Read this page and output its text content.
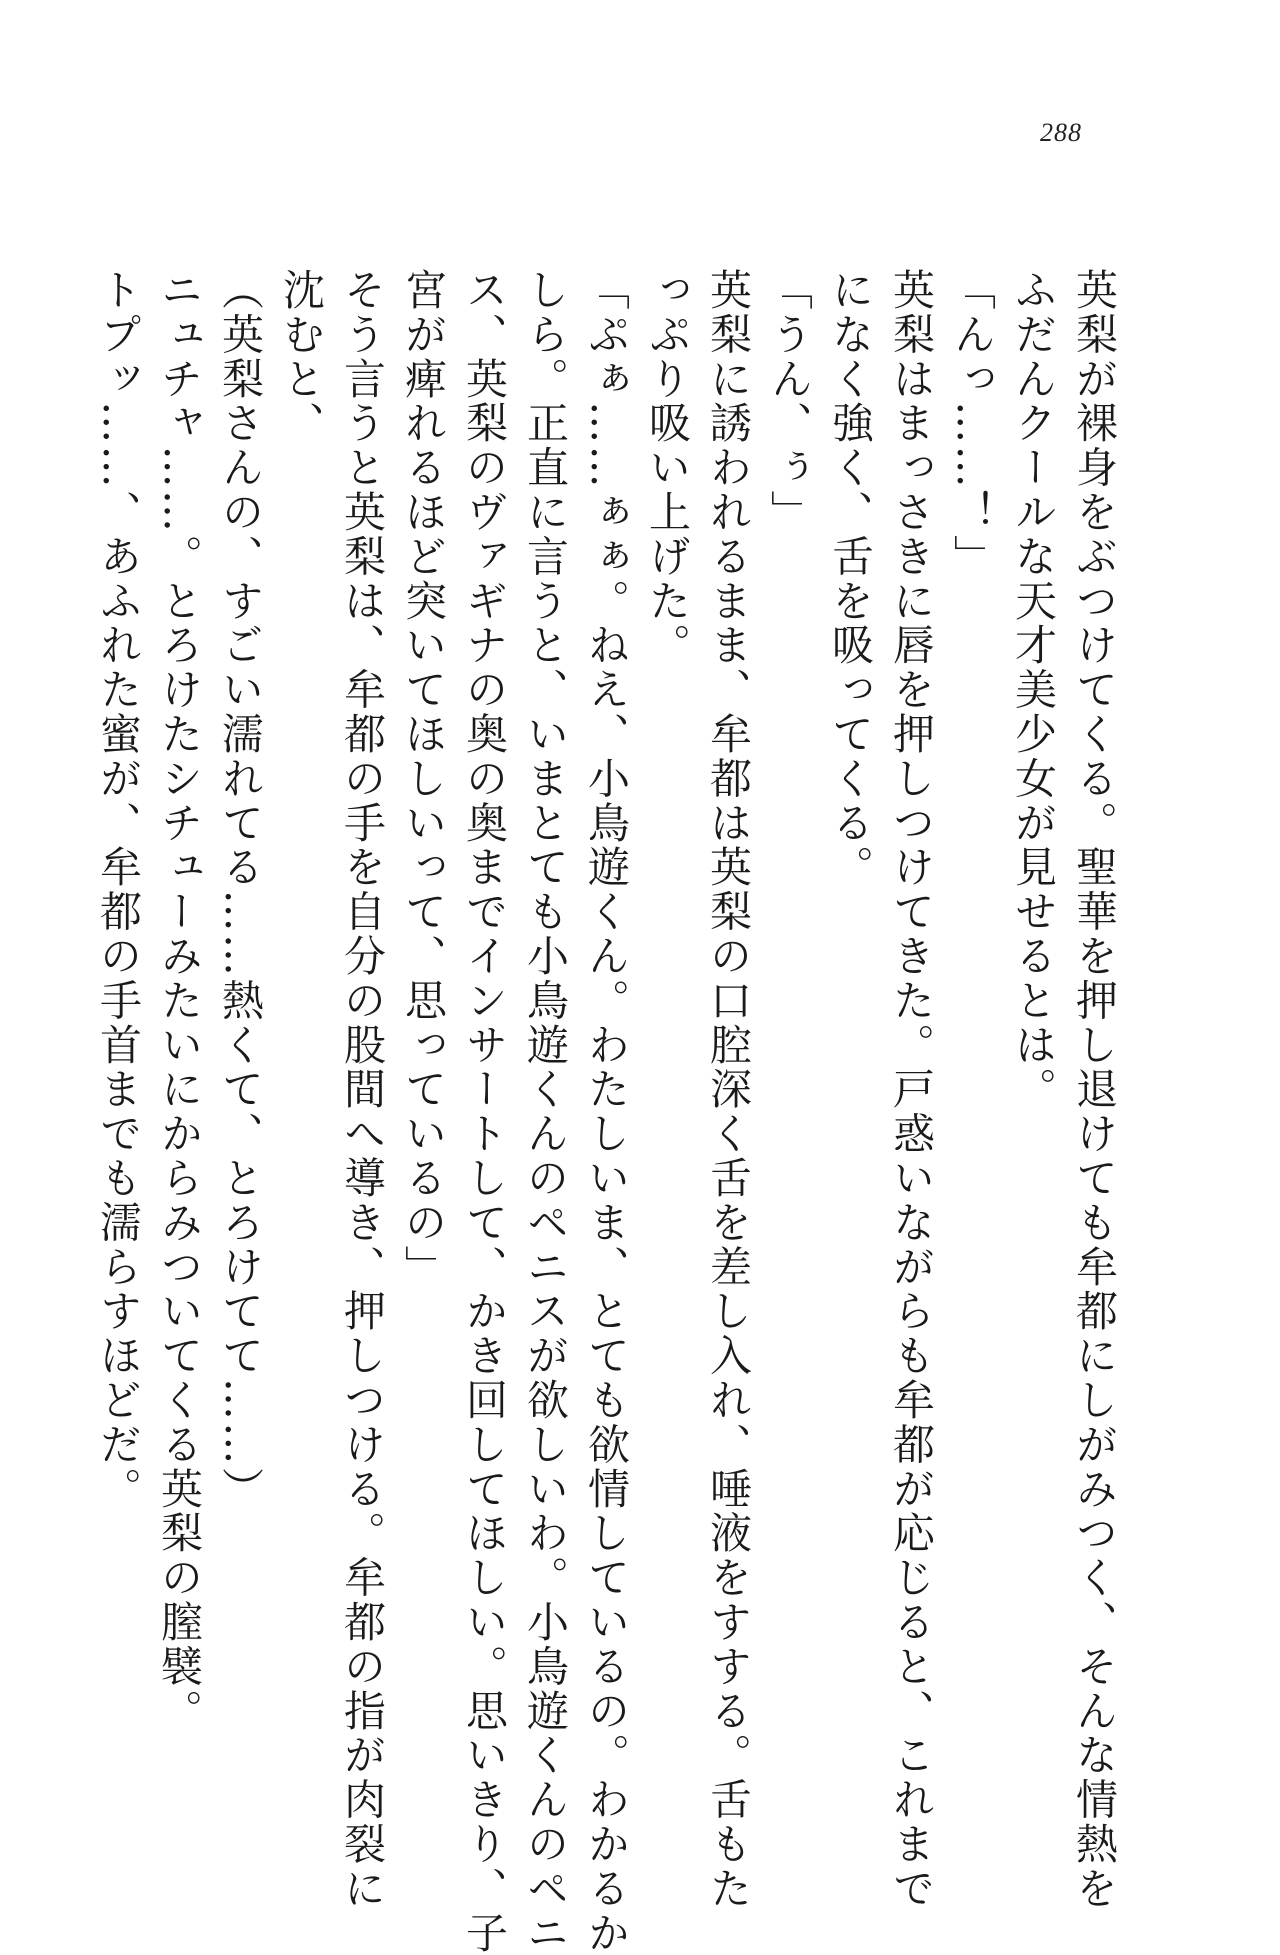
288

英梨が裸身をぶつけてくる。聖華を押し退けても牟都にしがみつく、そんな情熱を

ふだんクールな天才美少女が見せるとは。

「んっ……！」

英梨はまっさきに唇を押しつけてきた。戸惑いながらも牟都が応じると、これまで

になく強く、舌を吸ってくる。

「うん、ぅ」

英梨に誘われるまま、牟都は英梨の口腔深く舌を差し入れ、唾液をすする。舌もた

っぷり吸い上げた。

「ぷぁ……ぁぁ。ねえ、小鳥遊くん。わたしいま、とても欲情しているの。わかるか

しら。正直に言うと、いまとても小鳥遊くんのペニスが欲しいわ。小鳥遊くんのペニ

ス、英梨のヴァギナの奥の奥までインサートして、かき回してほしい。思いきり、子

宮が痺れるほど突いてほしいって、思っているの」

そう言うと英梨は、牟都の手を自分の股間へ導き、押しつける。牟都の指が肉裂に

沈むと、

（英梨さんの、すごい濡れてる……熱くて、とろけてて……）

ニュチャ……。とろけたシチューみたいにからみついてくる英梨の膣襞。

トプッ……、あふれた蜜が、牟都の手首までも濡らすほどだ。
